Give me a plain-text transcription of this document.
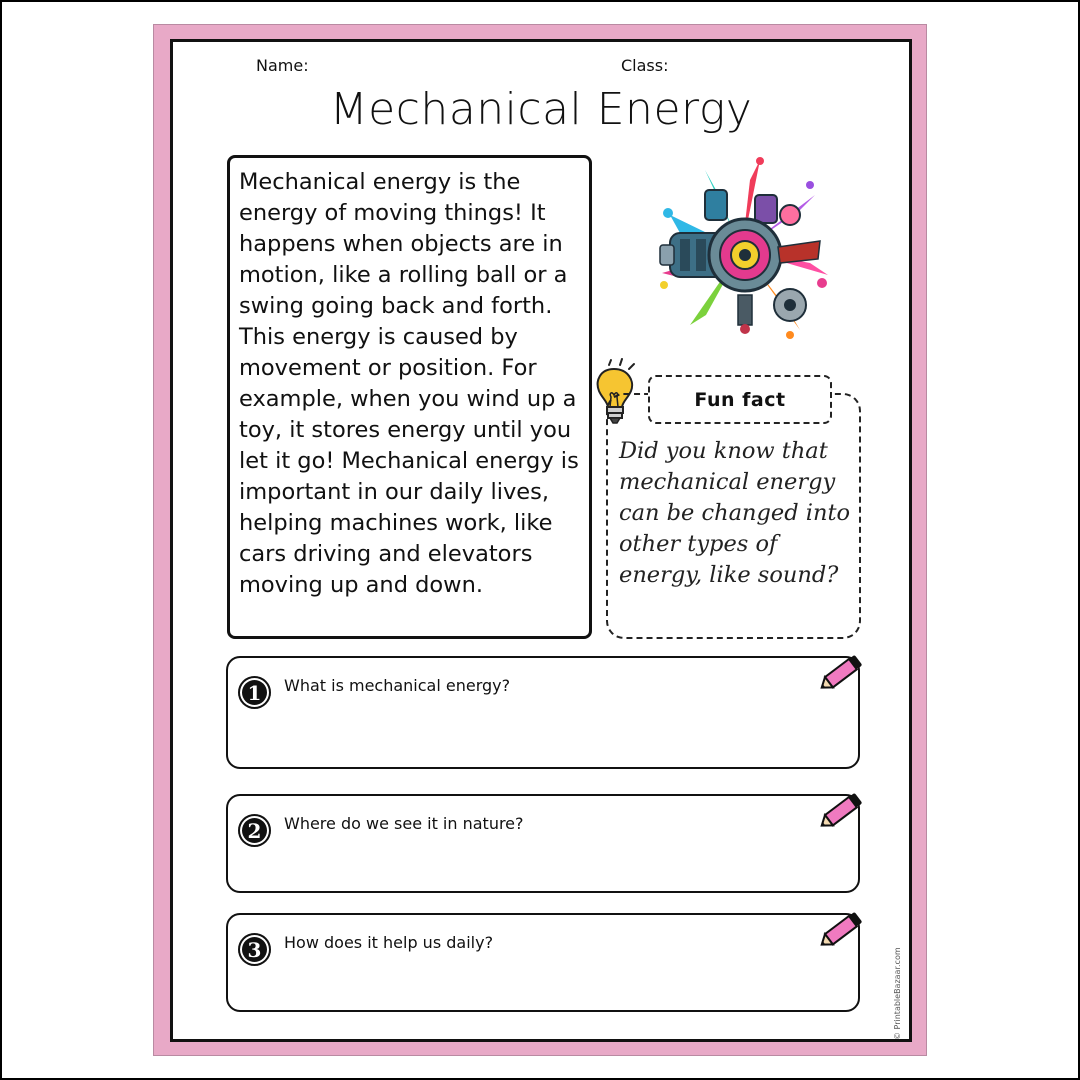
Name:	Class:
Mechanical Energy

Mechanical energy is the energy of moving things! It happens when objects are in motion, like a rolling ball or a swing going back and forth. This energy is caused by movement or position. For example, when you wind up a toy, it stores energy until you let it go! Mechanical energy is important in our daily lives, helping machines work, like cars driving and elevators moving up and down.

Fun fact
Did you know that mechanical energy can be changed into other types of energy, like sound?
1	What is mechanical energy?
2	Where do we see it in nature?
3	How does it help us daily?
© PrintableBazaar.com
